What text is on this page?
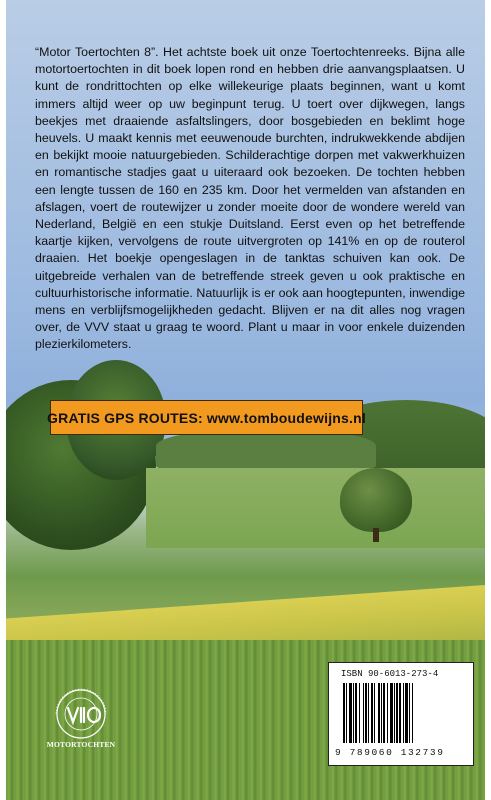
“Motor Toertochten 8”. Het achtste boek uit onze Toertochtenreeks. Bijna alle motortoertochten in dit boek lopen rond en hebben drie aanvangsplaatsen. U kunt de rondrittochten op elke willekeurige plaats beginnen, want u komt immers altijd weer op uw beginpunt terug. U toert over dijkwegen, langs beekjes met draaiende asfaltslingers, door bosgebieden en beklimt hoge heuvels. U maakt kennis met eeuwenoude burchten, indrukwekkende abdijen en bekijkt mooie natuurgebieden. Schilderachtige dorpen met vakwerkhuizen en romantische stadjes gaat u uiteraard ook bezoeken. De tochten hebben een lengte tussen de 160 en 235 km. Door het vermelden van afstanden en afslagen, voert de routewijzer u zonder moeite door de wondere wereld van Nederland, België en een stukje Duitsland. Eerst even op het betreffende kaartje kijken, vervolgens de route uitvergroten op 141% en op de routerol draaien. Het boekje opengeslagen in de tanktas schuiven kan ook. De uitgebreide verhalen van de betreffende streek geven u ook praktische en cultuurhistorische informatie. Natuurlijk is er ook aan hoogtepunten, inwendige mens en verblijfsmogelijkheden gedacht. Blijven er na dit alles nog vragen over, de VVV staat u graag te woord. Plant u maar in voor enkele duizenden plezierkilometers.

GRATIS GPS ROUTES: www.tomboudewijns.nl
MOTORTOCHTEN
ISBN 90-6013-273-4
9 789060 132739
